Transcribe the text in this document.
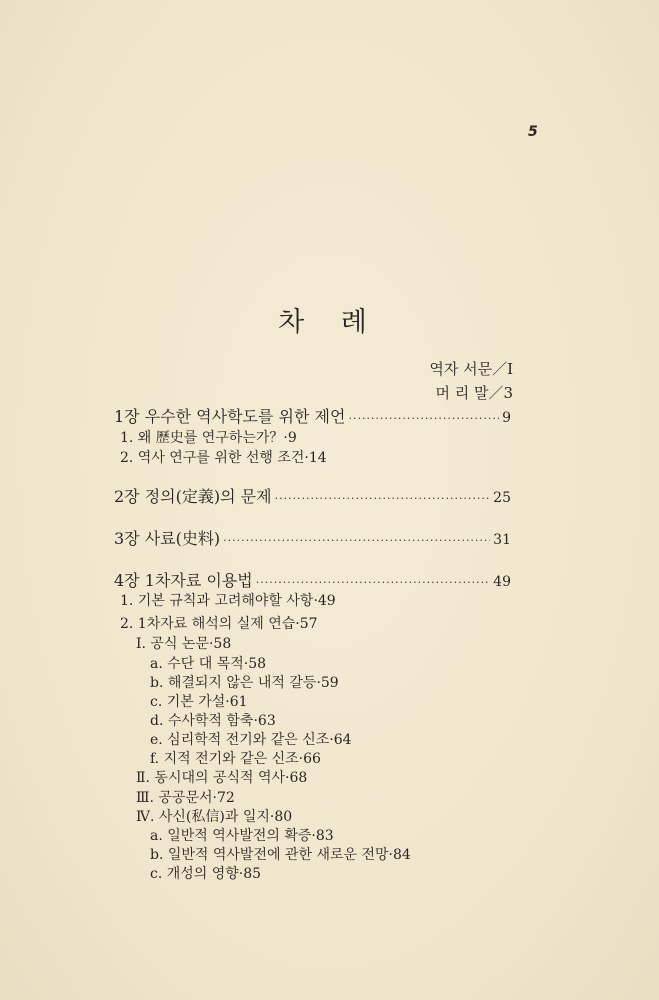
5
차 례
역자 서문／Ⅰ
머 리 말／3
1장 우수한 역사학도를 위한 제언 ·····	9
1. 왜 歷史를 연구하는가？·9
2. 역사 연구를 위한 선행 조건·14
2장 정의(定義)의 문제 ·····	25
3장 사료(史料) ·····	31
4장 1차자료 이용법 ·····	49
1. 기본 규칙과 고려해야할 사항·49
2. 1차자료 해석의 실제 연습·57
Ⅰ. 공식 논문·58
a. 수단 대 목적·58
b. 해결되지 않은 내적 갈등·59
c. 기본 가설·61
d. 수사학적 함축·63
e. 심리학적 전기와 같은 신조·64
f. 지적 전기와 같은 신조·66
Ⅱ. 동시대의 공식적 역사·68
Ⅲ. 공공문서·72
Ⅳ. 사신(私信)과 일지·80
a. 일반적 역사발전의 확증·83
b. 일반적 역사발전에 관한 새로운 전망·84
c. 개성의 영향·85
